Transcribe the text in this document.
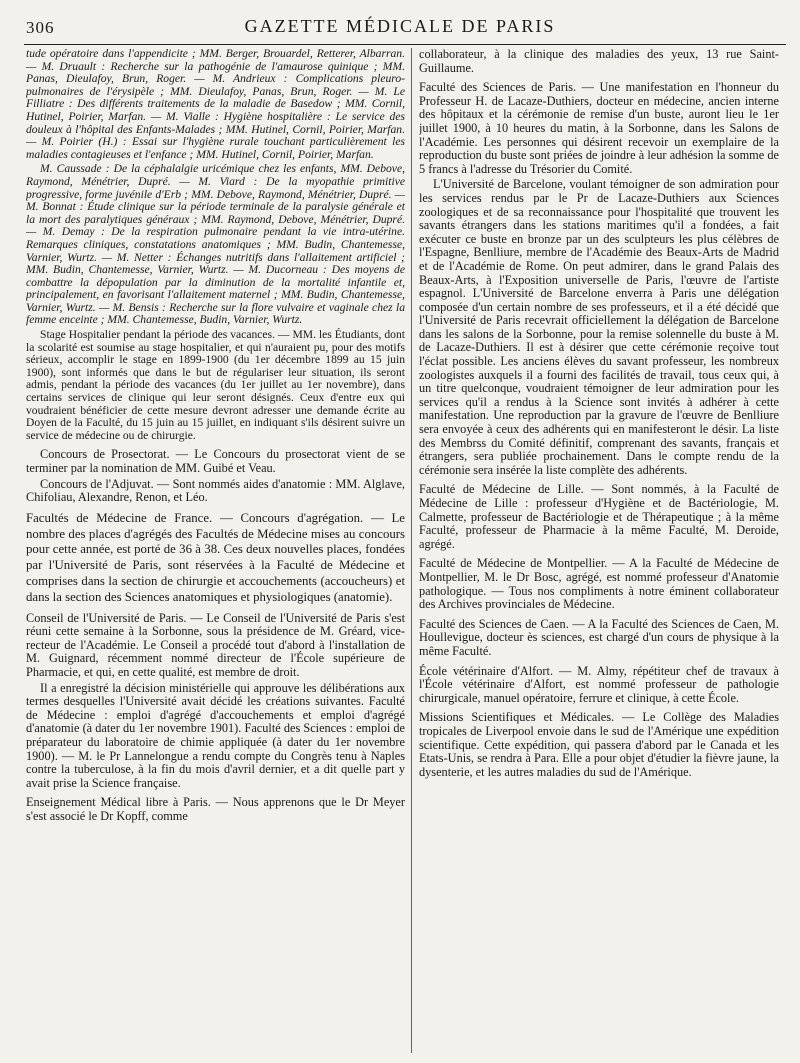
306	GAZETTE MÉDICALE DE PARIS

tude opératoire dans l'appendicite ; MM. Berger, Brouardel, Retterer, Albarran. — M. Druault : Recherche sur la pathogénie de l'amaurose quinique ; MM. Panas, Dieulafoy, Brun, Roger. — M. Andrieux : Complications pleuro-pulmonaires de l'érysipèle ; MM. Dieulafoy, Panas, Brun, Roger. — M. Le Filliatre : Des différents traitements de la maladie de Basedow ; MM. Cornil, Hutinel, Poirier, Marfan. — M. Vialle : Hygiène hospitalière : Le service des douleux à l'hôpital des Enfants-Malades ; MM. Hutinel, Cornil, Poirier, Marfan. — M. Poirier (H.) : Essai sur l'hygiène rurale touchant particulièrement les maladies contagieuses et l'enfance ; MM. Hutinel, Cornil, Poirier, Marfan.

M. Caussade : De la céphalalgie uricémique chez les enfants, MM. Debove, Raymond, Ménétrier, Dupré. — M. Viard : De la myopathie primitive progressive, forme juvénile d'Erb ; MM. Debove, Raymond, Ménétrier, Dupré. — M. Bonnat : Étude clinique sur la période terminale de la paralysie générale et la mort des paralytiques généraux ; MM. Raymond, Debove, Ménétrier, Dupré. — M. Demay : De la respiration pulmonaire pendant la vie intra-utérine. Remarques cliniques, constatations anatomiques ; MM. Budin, Chantemesse, Varnier, Wurtz. — M. Netter : Échanges nutritifs dans l'allaitement artificiel ; MM. Budin, Chantemesse, Varnier, Wurtz. — M. Ducorneau : Des moyens de combattre la dépopulation par la diminution de la mortalité infantile et, principalement, en favorisant l'allaitement maternel ; MM. Budin, Chantemesse, Varnier, Wurtz. — M. Bensis : Recherche sur la flore vulvaire et vaginale chez la femme enceinte ; MM. Chantemesse, Budin, Varnier, Wurtz.

Stage Hospitalier pendant la période des vacances. — MM. les Étudiants, dont la scolarité est soumise au stage hospitalier, et qui n'auraient pu, pour des motifs sérieux, accomplir le stage en 1899-1900 (du 1er décembre 1899 au 15 juin 1900), sont informés que dans le but de régulariser leur situation, ils seront admis, pendant la période des vacances (du 1er juillet au 1er novembre), dans certains services de clinique qui leur seront désignés. Ceux d'entre eux qui voudraient bénéficier de cette mesure devront adresser une demande écrite au Doyen de la Faculté, du 15 juin au 15 juillet, en indiquant s'ils désirent suivre un service de médecine ou de chirurgie.

Concours de Prosectorat. — Le Concours du prosectorat vient de se terminer par la nomination de MM. Guibé et Veau.

Concours de l'Adjuvat. — Sont nommés aides d'anatomie : MM. Alglave, Chifoliau, Alexandre, Renon, et Léo.

Facultés de Médecine de France. — Concours d'agrégation. — Le nombre des places d'agrégés des Facultés de Médecine mises au concours pour cette année, est porté de 36 à 38. Ces deux nouvelles places, fondées par l'Université de Paris, sont réservées à la Faculté de Médecine et comprises dans la section de chirurgie et accouchements (accoucheurs) et dans la section des Sciences anatomiques et physiologiques (anatomie).

Conseil de l'Université de Paris. — Le Conseil de l'Université de Paris s'est réuni cette semaine à la Sorbonne, sous la présidence de M. Gréard, vice-recteur de l'Académie. Le Conseil a procédé tout d'abord à l'installation de M. Guignard, récemment nommé directeur de l'École supérieure de Pharmacie, et qui, en cette qualité, est membre de droit.

Il a enregistré la décision ministérielle qui approuve les délibérations aux termes desquelles l'Université avait décidé les créations suivantes. Faculté de Médecine : emploi d'agrégé d'accouchements et emploi d'agrégé d'anatomie (à dater du 1er novembre 1901). Faculté des Sciences : emploi de préparateur du laboratoire de chimie appliquée (à dater du 1er novembre 1900). — M. le Pr Lannelongue a rendu compte du Congrès tenu à Naples contre la tuberculose, à la fin du mois d'avril dernier, et a dit quelle part y avait prise la Science française.

Enseignement Médical libre à Paris. — Nous apprenons que le Dr Meyer s'est associé le Dr Kopff, comme

collaborateur, à la clinique des maladies des yeux, 13 rue Saint-Guillaume.

Faculté des Sciences de Paris. — Une manifestation en l'honneur du Professeur H. de Lacaze-Duthiers, docteur en médecine, ancien interne des hôpitaux et la cérémonie de remise d'un buste, auront lieu le 1er juillet 1900, à 10 heures du matin, à la Sorbonne, dans les Salons de l'Académie. Les personnes qui désirent recevoir un exemplaire de la reproduction du buste sont priées de joindre à leur adhésion la somme de 5 francs à l'adresse du Trésorier du Comité.

L'Université de Barcelone, voulant témoigner de son admiration pour les services rendus par le Pr de Lacaze-Duthiers aux Sciences zoologiques et de sa reconnaissance pour l'hospitalité que trouvent les savants étrangers dans les stations maritimes qu'il a fondées, a fait exécuter ce buste en bronze par un des sculpteurs les plus célèbres de l'Espagne, Benlliure, membre de l'Académie des Beaux-Arts de Madrid et de l'Académie de Rome. On peut admirer, dans le grand Palais des Beaux-Arts, à l'Exposition universelle de Paris, l'œuvre de l'artiste espagnol. L'Université de Barcelone enverra à Paris une délégation composée d'un certain nombre de ses professeurs, et il a été décidé que l'Université de Paris recevrait officiellement la délégation de Barcelone dans les salons de la Sorbonne, pour la remise solennelle du buste à M. de Lacaze-Duthiers. Il est à désirer que cette cérémonie reçoive tout l'éclat possible. Les anciens élèves du savant professeur, les nombreux zoologistes auxquels il a fourni des facilités de travail, tous ceux qui, à un titre quelconque, voudraient témoigner de leur admiration pour les services qu'il a rendus à la Science sont invités à adhérer à cette manifestation. Une reproduction par la gravure de l'œuvre de Benlliure sera envoyée à ceux des adhérents qui en manifesteront le désir. La liste des Membrss du Comité définitif, comprenant des savants, français et étrangers, sera publiée prochainement. Dans le compte rendu de la cérémonie sera insérée la liste complète des adhérents.

Faculté de Médecine de Lille. — Sont nommés, à la Faculté de Médecine de Lille : professeur d'Hygiène et de Bactériologie, M. Calmette, professeur de Bactériologie et de Thérapeutique ; à la même Faculté, professeur de Pharmacie à la même Faculté, M. Deroide, agrégé.

Faculté de Médecine de Montpellier. — A la Faculté de Médecine de Montpellier, M. le Dr Bosc, agrégé, est nommé professeur d'Anatomie pathologique. — Tous nos compliments à notre éminent collaborateur des Archives provinciales de Médecine.

Faculté des Sciences de Caen. — A la Faculté des Sciences de Caen, M. Houllevigue, docteur ès sciences, est chargé d'un cours de physique à la même Faculté.

École vétérinaire d'Alfort. — M. Almy, répétiteur chef de travaux à l'École vétérinaire d'Alfort, est nommé professeur de pathologie chirurgicale, manuel opératoire, ferrure et clinique, à cette École.

Missions Scientifiques et Médicales. — Le Collège des Maladies tropicales de Liverpool envoie dans le sud de l'Amérique une expédition scientifique. Cette expédition, qui passera d'abord par le Canada et les Etats-Unis, se rendra à Para. Elle a pour objet d'étudier la fièvre jaune, la dysenterie, et les autres maladies du sud de l'Amérique.
